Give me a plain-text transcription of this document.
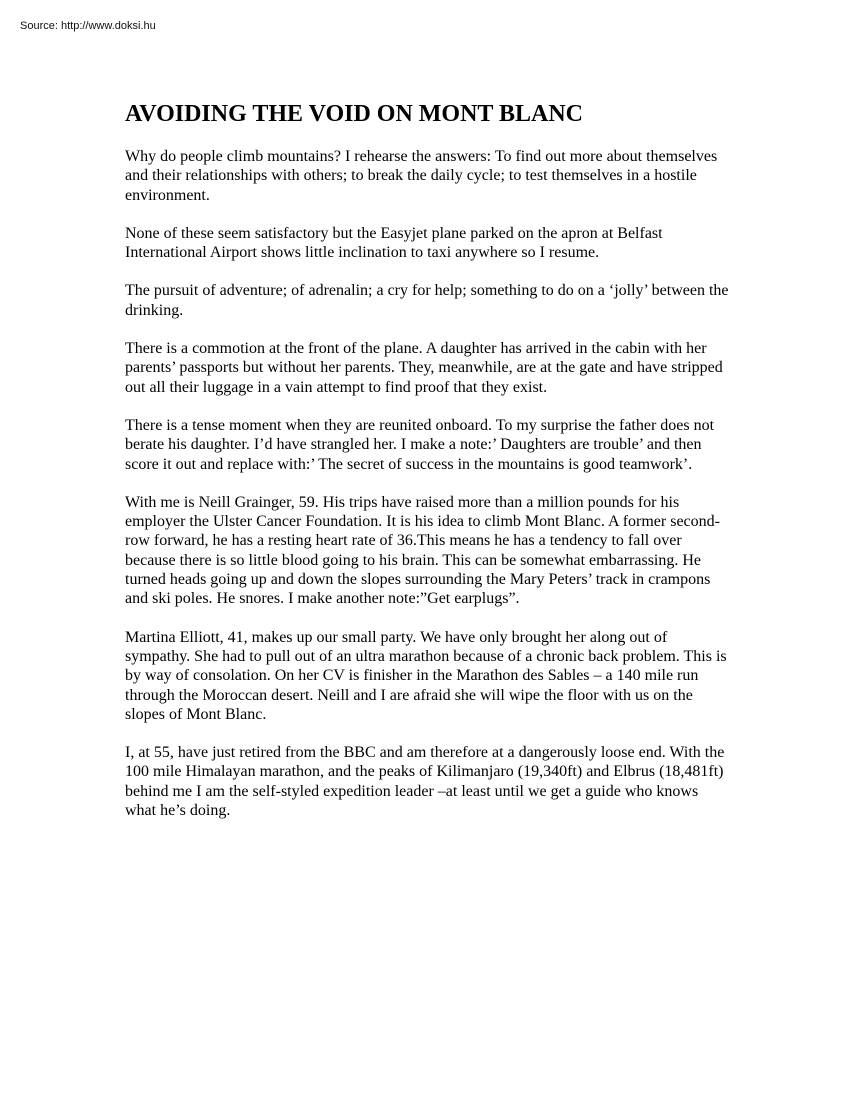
Source: http://www.doksi.hu

AVOIDING THE VOID ON MONT BLANC

Why do people climb mountains? I rehearse the answers: To find out more about themselves and their relationships with others; to break the daily cycle; to test themselves in a hostile environment.

None of these seem satisfactory but the Easyjet plane parked on the apron at Belfast International Airport shows little inclination to taxi anywhere so I resume.

The pursuit of adventure; of adrenalin; a cry for help; something to do on a ‘jolly’ between the drinking.

There is a commotion at the front of the plane. A daughter has arrived in the cabin with her parents’ passports but without her parents. They, meanwhile, are at the gate and have stripped out all their luggage in a vain attempt to find proof that they exist.

There is a tense moment when they are reunited onboard. To my surprise the father does not berate his daughter. I’d have strangled her. I make a note:’ Daughters are trouble’ and then score it out and replace with:’ The secret of success in the mountains is good teamwork’.

With me is Neill Grainger, 59. His trips have raised more than a million pounds for his employer the Ulster Cancer Foundation. It is his idea to climb Mont Blanc. A former second-row forward, he has a resting heart rate of 36.This means he has a tendency to fall over because there is so little blood going to his brain. This can be somewhat embarrassing. He turned heads going up and down the slopes surrounding the Mary Peters’ track in crampons and ski poles. He snores. I make another note:”Get earplugs”.

Martina Elliott, 41, makes up our small party. We have only brought her along out of sympathy. She had to pull out of an ultra marathon because of a chronic back problem. This is by way of consolation. On her CV is finisher in the Marathon des Sables – a 140 mile run through the Moroccan desert. Neill and I are afraid she will wipe the floor with us on the slopes of Mont Blanc.

I, at 55, have just retired from the BBC and am therefore at a dangerously loose end. With the 100 mile Himalayan marathon, and the peaks of Kilimanjaro (19,340ft) and Elbrus (18,481ft) behind me I am the self-styled expedition leader –at least until we get a guide who knows what he’s doing.
